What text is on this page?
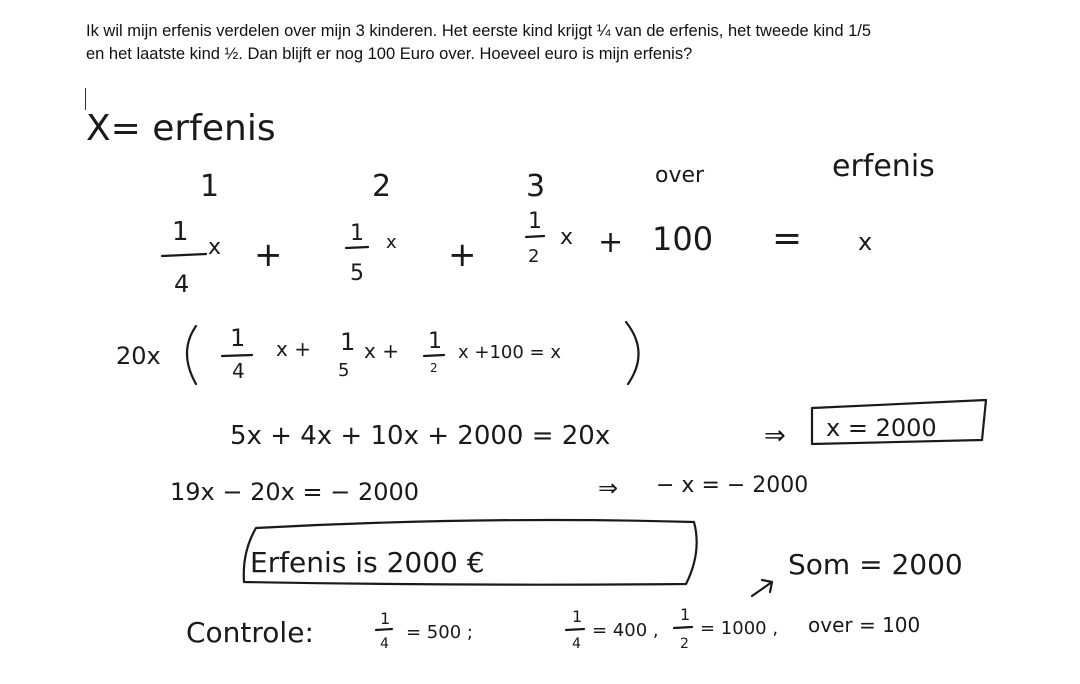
Ik wil mijn erfenis verdelen over mijn 3 kinderen. Het eerste kind krijgt ¼ van de erfenis, het tweede kind 1/5
en het laatste kind ½. Dan blijft er nog 100 Euro over. Hoeveel euro is mijn erfenis?

X= erfenis
1	2	3	over	erfenis
1
4
x +
1
5
x +
1
2
x + 100 = x
20x
1
4
x + 1
5
x + 1
2
x +100 = x
5x + 4x + 10x + 2000 = 20x	⇒ x = 2000
19x − 20x = − 2000	⇒ − x = − 2000
Erfenis is 2000 €	Som = 2000
Controle:	1
4
= 500 ;
1
4
= 400 ,
1
2
= 1000 , over = 100
